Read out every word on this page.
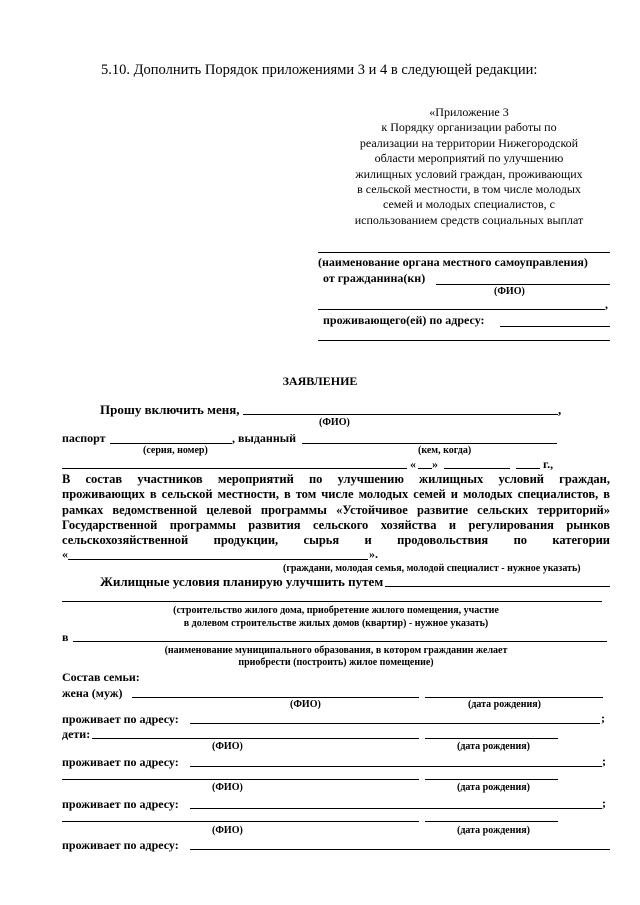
5.10. Дополнить Порядок приложениями 3 и 4 в следующей редакции:
«Приложение 3
к Порядку организации работы по
реализации на территории Нижегородской
области мероприятий по улучшению
жилищных условий граждан, проживающих
в сельской местности, в том числе молодых
семей и молодых специалистов, с
использованием средств социальных выплат
(наименование органа местного самоуправления)
от гражданина(кн)
(ФИО)
,
проживающего(ей) по адресу:
ЗАЯВЛЕНИЕ
Прошу включить меня,	,
(ФИО)
паспорт	, выданный
(серия, номер)	(кем, когда)
« »	г.,
В состав участников мероприятий по улучшению жилищных условий граждан,
проживающих в сельской местности, в том числе молодых семей и молодых специалистов, в
рамках ведомственной целевой программы «Устойчивое развитие сельских территорий»
Государственной программы развития сельского хозяйства и регулирования рынков
сельскохозяйственной продукции, сырья и продовольствия по категории
«	».
(граждани, молодая семья, молодой специалист - нужное указать)
Жилищные условия планирую улучшить путем
(строительство жилого дома, приобретение жилого помещения, участие
в долевом строительстве жилых домов (квартир) - нужное указать)
в
(наименование муниципального образования, в котором гражданин желает
приобрести (построить) жилое помещение)
Состав семьи:
жена (муж)
(ФИО)	(дата рождения)
проживает по адресу:	;
дети:
(ФИО)	(дата рождения)
проживает по адресу:	;
(ФИО)	(дата рождения)
проживает по адресу:	;
(ФИО)	(дата рождения)
проживает по адресу:
